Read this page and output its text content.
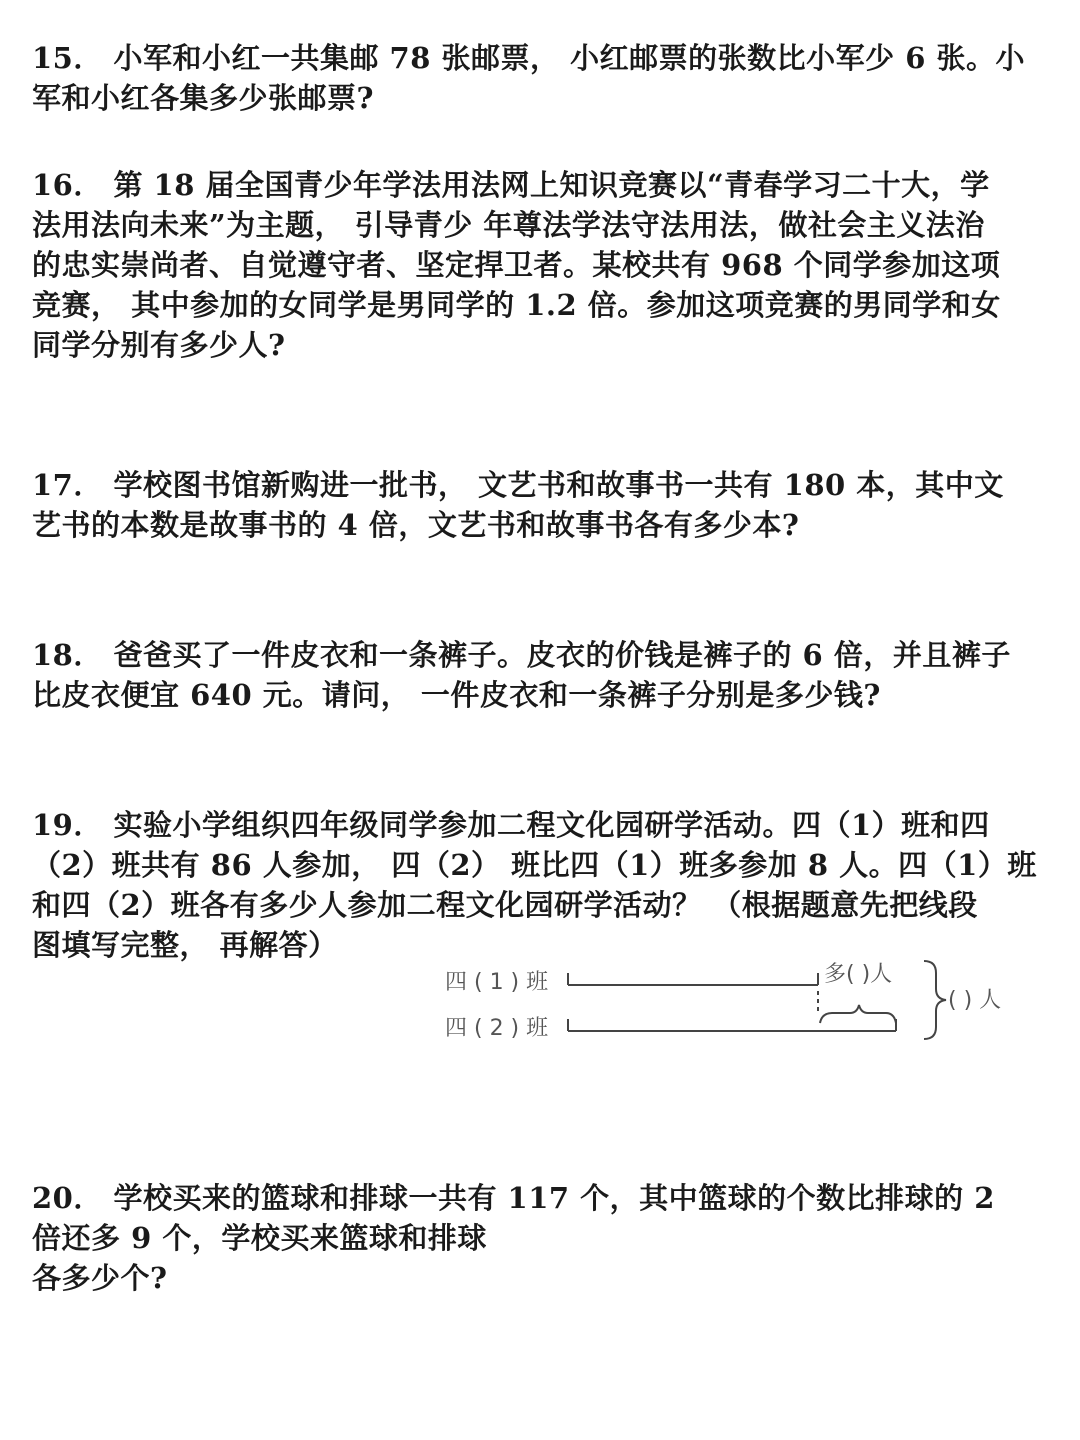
15． 小军和小红一共集邮 78 张邮票， 小红邮票的张数比小军少 6 张。小
军和小红各集多少张邮票?
16． 第 18 届全国青少年学法用法网上知识竞赛以“青春学习二十大，学
法用法向未来”为主题， 引导青少 年尊法学法守法用法，做社会主义法治
的忠实崇尚者、自觉遵守者、坚定捍卫者。某校共有 968 个同学参加这项
竞赛， 其中参加的女同学是男同学的 1.2 倍。参加这项竞赛的男同学和女
同学分别有多少人?
17． 学校图书馆新购进一批书， 文艺书和故事书一共有 180 本，其中文
艺书的本数是故事书的 4 倍，文艺书和故事书各有多少本?
18． 爸爸买了一件皮衣和一条裤子。皮衣的价钱是裤子的 6 倍，并且裤子
比皮衣便宜 640 元。请问， 一件皮衣和一条裤子分别是多少钱?
19． 实验小学组织四年级同学参加二程文化园研学活动。四（1）班和四
（2）班共有 86 人参加， 四（2） 班比四（1）班多参加 8 人。四（1）班
和四（2）班各有多少人参加二程文化园研学活动？ （根据题意先把线段
图填写完整， 再解答）
四 ( 1 ) 班	多( )人
四 ( 2 ) 班
( ) 人
20． 学校买来的篮球和排球一共有 117 个，其中篮球的个数比排球的 2
倍还多 9 个，学校买来篮球和排球
各多少个?
